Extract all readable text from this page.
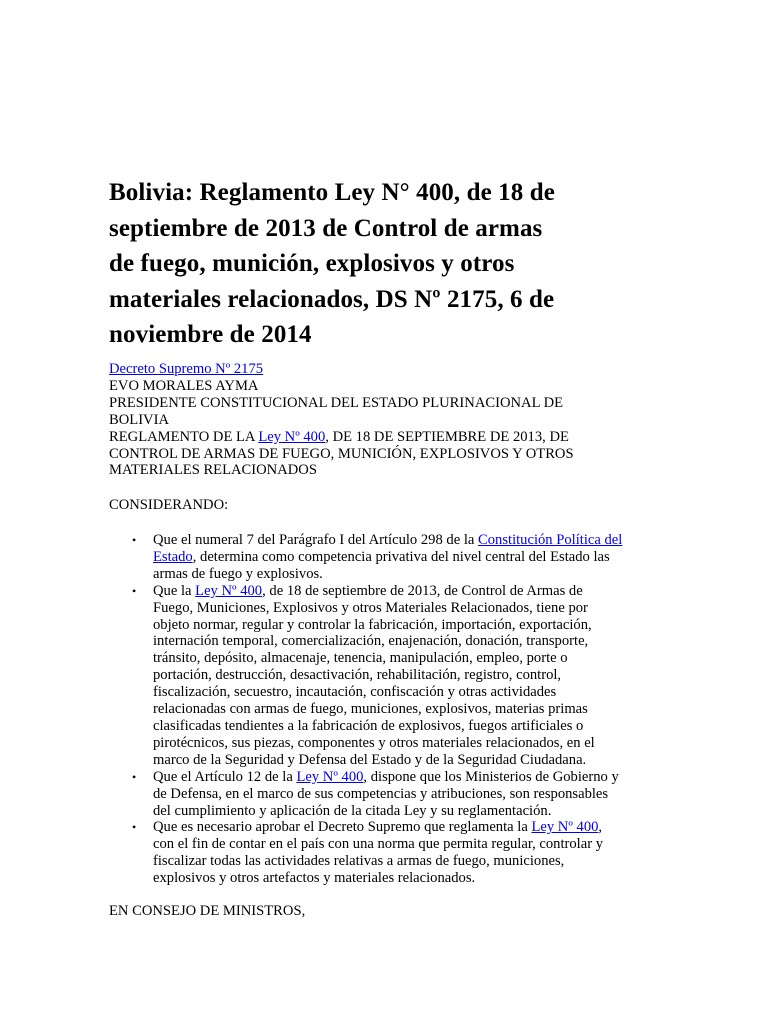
Bolivia: Reglamento Ley N° 400, de 18 de
septiembre de 2013 de Control de armas
de fuego, munición, explosivos y otros
materiales relacionados, DS Nº 2175, 6 de
noviembre de 2014
Decreto Supremo Nº 2175
EVO MORALES AYMA
PRESIDENTE CONSTITUCIONAL DEL ESTADO PLURINACIONAL DE
BOLIVIA
REGLAMENTO DE LA Ley Nº 400, DE 18 DE SEPTIEMBRE DE 2013, DE
CONTROL DE ARMAS DE FUEGO, MUNICIÓN, EXPLOSIVOS Y OTROS
MATERIALES RELACIONADOS
CONSIDERANDO:
• Que el numeral 7 del Parágrafo I del Artículo 298 de la Constitución Política del
Estado, determina como competencia privativa del nivel central del Estado las
armas de fuego y explosivos.
• Que la Ley Nº 400, de 18 de septiembre de 2013, de Control de Armas de
Fuego, Municiones, Explosivos y otros Materiales Relacionados, tiene por
objeto normar, regular y controlar la fabricación, importación, exportación,
internación temporal, comercialización, enajenación, donación, transporte,
tránsito, depósito, almacenaje, tenencia, manipulación, empleo, porte o
portación, destrucción, desactivación, rehabilitación, registro, control,
fiscalización, secuestro, incautación, confiscación y otras actividades
relacionadas con armas de fuego, municiones, explosivos, materias primas
clasificadas tendientes a la fabricación de explosivos, fuegos artificiales o
pirotécnicos, sus piezas, componentes y otros materiales relacionados, en el
marco de la Seguridad y Defensa del Estado y de la Seguridad Ciudadana.
• Que el Artículo 12 de la Ley Nº 400, dispone que los Ministerios de Gobierno y
de Defensa, en el marco de sus competencias y atribuciones, son responsables
del cumplimiento y aplicación de la citada Ley y su reglamentación.
• Que es necesario aprobar el Decreto Supremo que reglamenta la Ley Nº 400,
con el fin de contar en el país con una norma que permita regular, controlar y
fiscalizar todas las actividades relativas a armas de fuego, municiones,
explosivos y otros artefactos y materiales relacionados.
EN CONSEJO DE MINISTROS,
